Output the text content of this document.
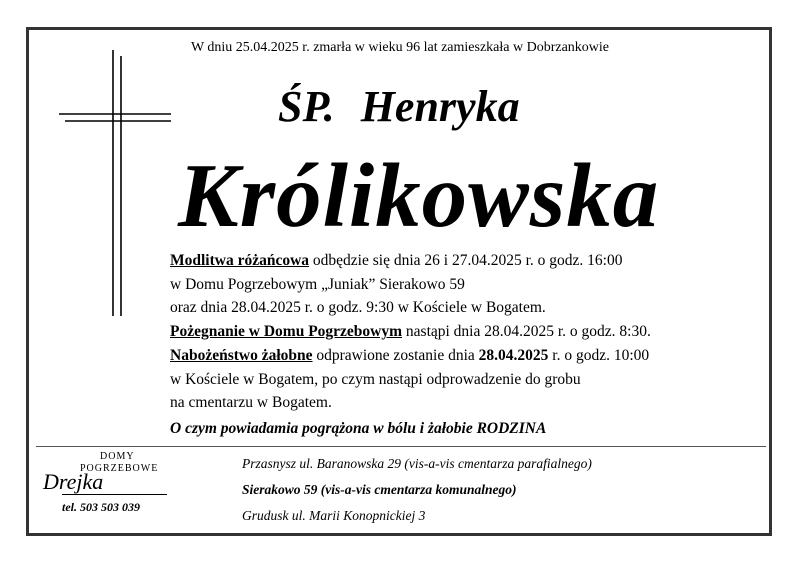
W dniu 25.04.2025 r. zmarła w wieku 96 lat zamieszkała w Dobrzankowie
ŚP. Henryka
Królikowska

Modlitwa różańcowa odbędzie się dnia 26 i 27.04.2025 r. o godz. 16:00

w Domu Pogrzebowym „Juniak” Sierakowo 59

oraz dnia 28.04.2025 r. o godz. 9:30 w Kościele w Bogatem.

Pożegnanie w Domu Pogrzebowym nastąpi dnia 28.04.2025 r. o godz. 8:30.

Nabożeństwo żałobne odprawione zostanie dnia 28.04.2025 r. o godz. 10:00

w Kościele w Bogatem, po czym nastąpi odprowadzenie do grobu

na cmentarzu w Bogatem.

O czym powiadamia pogrążona w bólu i żałobie RODZINA
DOMY
POGRZEBOWE
Drejka
tel. 503 503 039
Przasnysz ul. Baranowska 29 (vis-a-vis cmentarza parafialnego)
Sierakowo 59 (vis-a-vis cmentarza komunalnego)
Grudusk ul. Marii Konopnickiej 3
